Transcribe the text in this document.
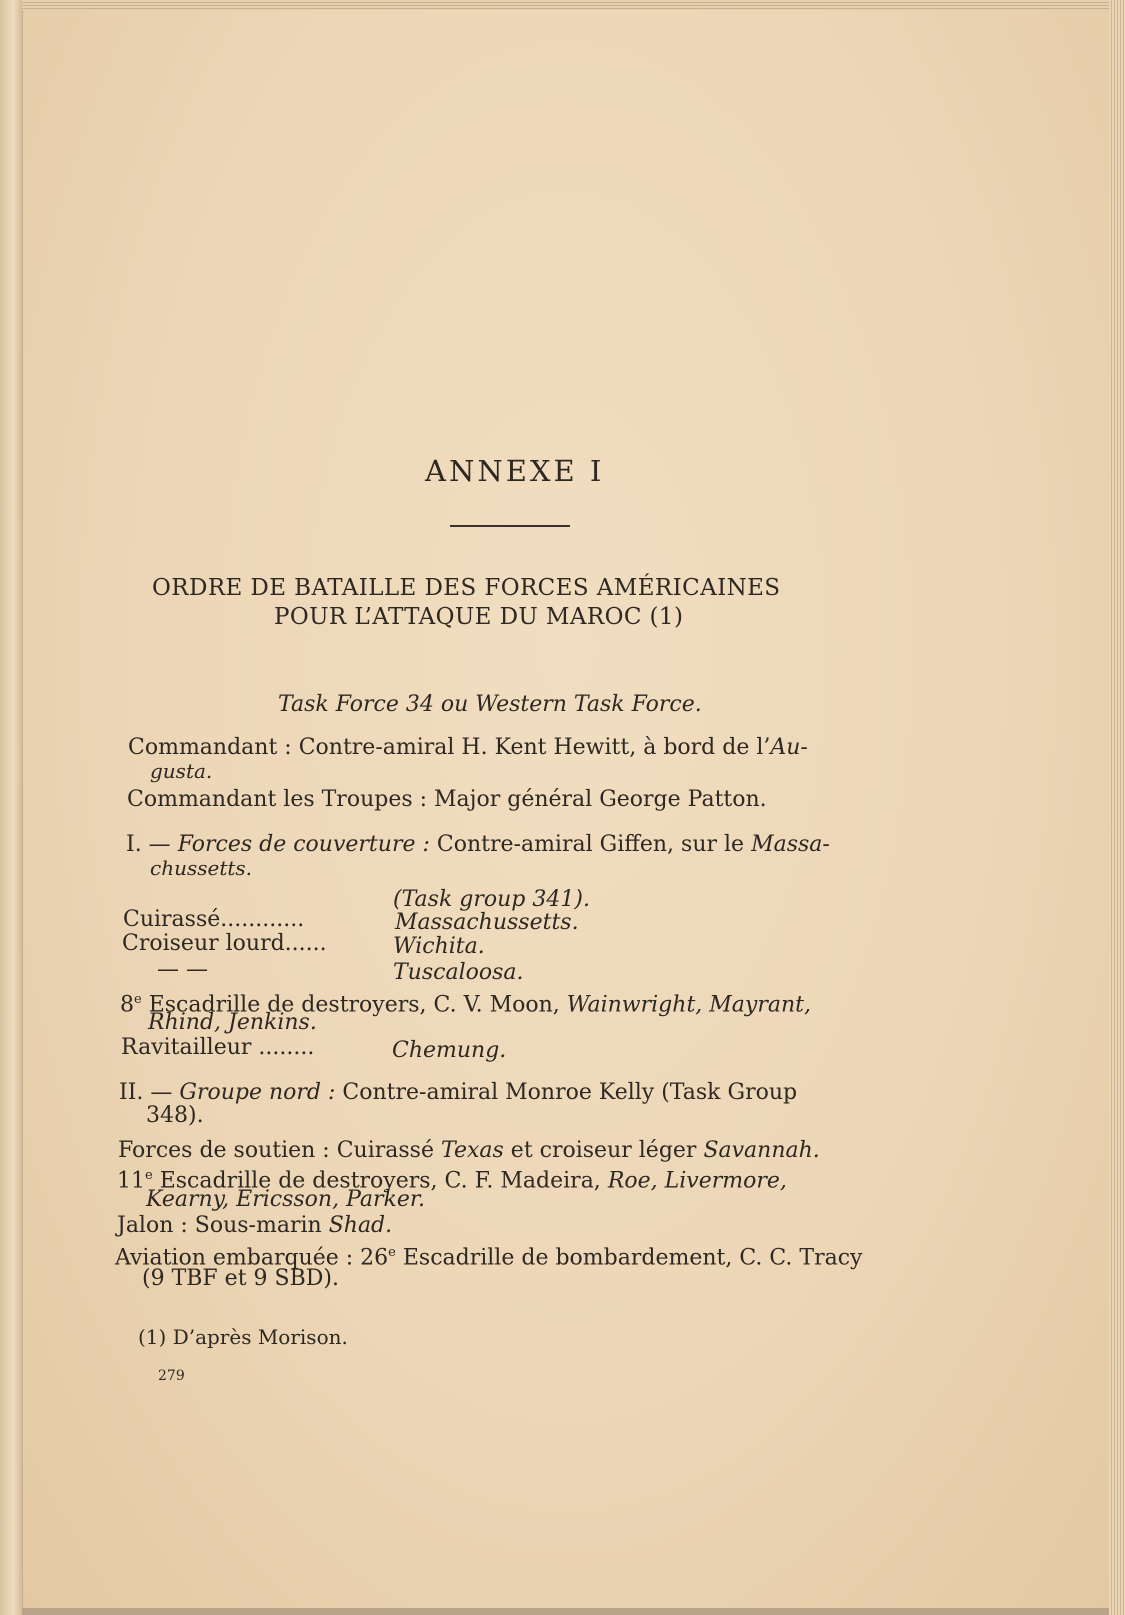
ANNEXE I
ORDRE DE BATAILLE DES FORCES AMÉRICAINES
POUR L’ATTAQUE DU MAROC (1)
Task Force 34 ou Western Task Force.
Commandant : Contre-amiral H. Kent Hewitt, à bord de l’Au-
gusta.
Commandant les Troupes : Major général George Patton.
I. — Forces de couverture : Contre-amiral Giffen, sur le Massa-
chussetts.
(Task group 341).
Cuirassé............	Massachussetts.
Croiseur lourd......	Wichita.
— —	Tuscaloosa.
8e Escadrille de destroyers, C. V. Moon, Wainwright, Mayrant,
Rhind, Jenkins.
Ravitailleur ........	Chemung.
II. — Groupe nord : Contre-amiral Monroe Kelly (Task Group
348).
Forces de soutien : Cuirassé Texas et croiseur léger Savannah.
11e Escadrille de destroyers, C. F. Madeira, Roe, Livermore,
Kearny, Ericsson, Parker.
Jalon : Sous-marin Shad.
Aviation embarquée : 26e Escadrille de bombardement, C. C. Tracy
(9 TBF et 9 SBD).
(1) D’après Morison.
279
